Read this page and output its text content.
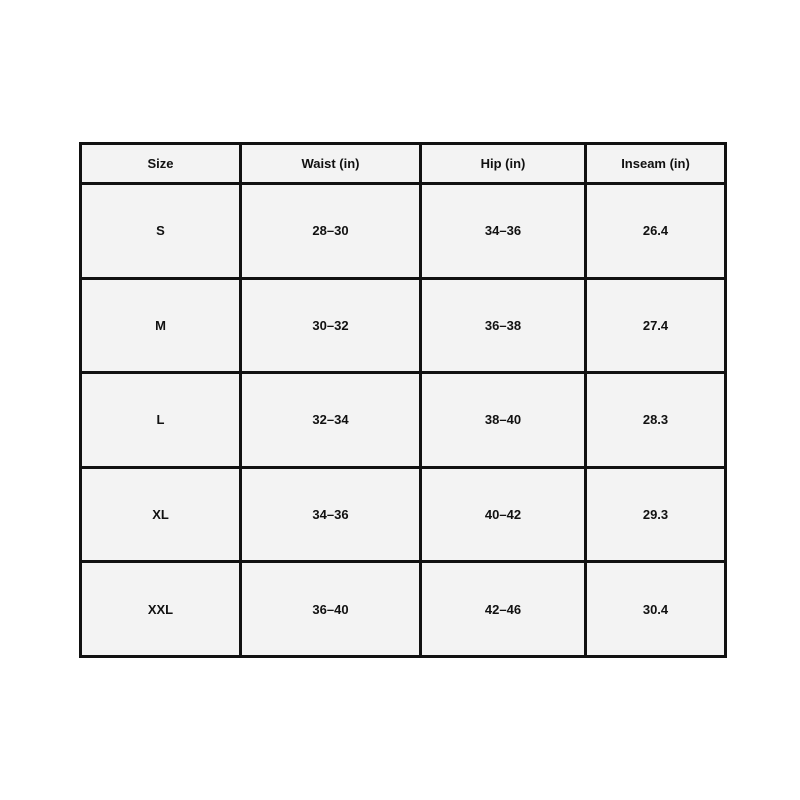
Size	Waist (in)	Hip (in)	Inseam (in)
S	28–30	34–36	26.4
M	30–32	36–38	27.4
L	32–34	38–40	28.3
XL	34–36	40–42	29.3
XXL	36–40	42–46	30.4
